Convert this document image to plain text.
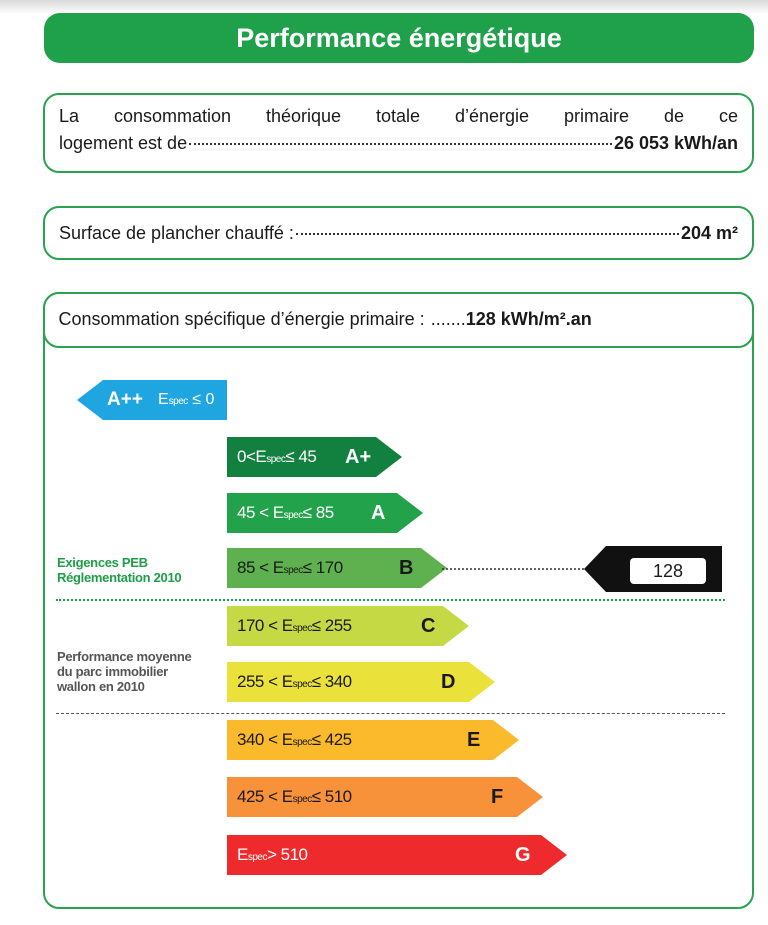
Performance énergétique
La consommation théorique totale d’énergie primaire de ce
logement est de	26 053 kWh/an
Surface de plancher chauffé :	204 m²
Consommation spécifique d’énergie primaire : ....... 128 kWh/m².an
Exigences PEB
Réglementation 2010
Performance moyenne
du parc immobilier
wallon en 2010
A++ Espec ≤ 0
0<Espec≤ 45 A+
45 < Espec≤ 85 A
85 < Espec≤ 170	B
170 < Espec≤ 255	C
255 < Espec≤ 340	D
340 < Espec≤ 425	E
425 < Espec≤ 510	F
Espec> 510	G
128
